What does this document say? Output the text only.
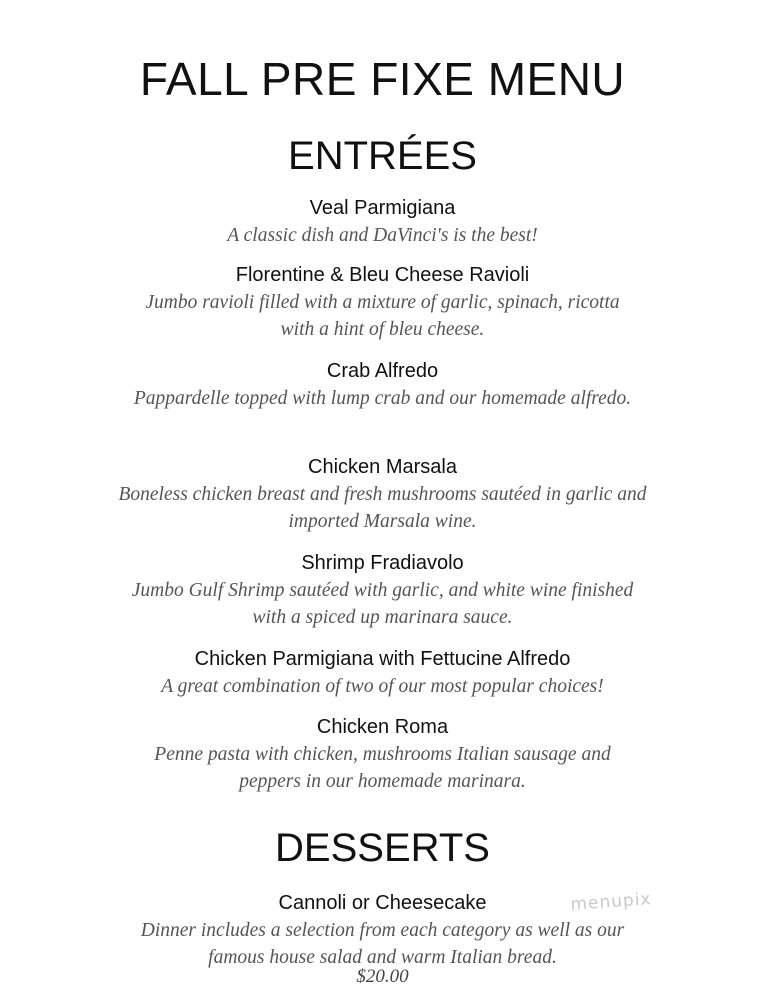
FALL PRE FIXE MENU
ENTRÉES
Veal Parmigiana
A classic dish and DaVinci's is the best!
Florentine & Bleu Cheese Ravioli
Jumbo ravioli filled with a mixture of garlic, spinach, ricotta with a hint of bleu cheese.
Crab Alfredo
Pappardelle topped with lump crab and our homemade alfredo.
Chicken Marsala
Boneless chicken breast and fresh mushrooms sautéed in garlic and imported Marsala wine.
Shrimp Fradiavolo
Jumbo Gulf Shrimp sautéed with garlic, and white wine finished with a spiced up marinara sauce.
Chicken Parmigiana with Fettucine Alfredo
A great combination of two of our most popular choices!
Chicken Roma
Penne pasta with chicken, mushrooms Italian sausage and peppers in our homemade marinara.
DESSERTS
Cannoli or Cheesecake
Dinner includes a selection from each category as well as our famous house salad and warm Italian bread.
$20.00
menupix
